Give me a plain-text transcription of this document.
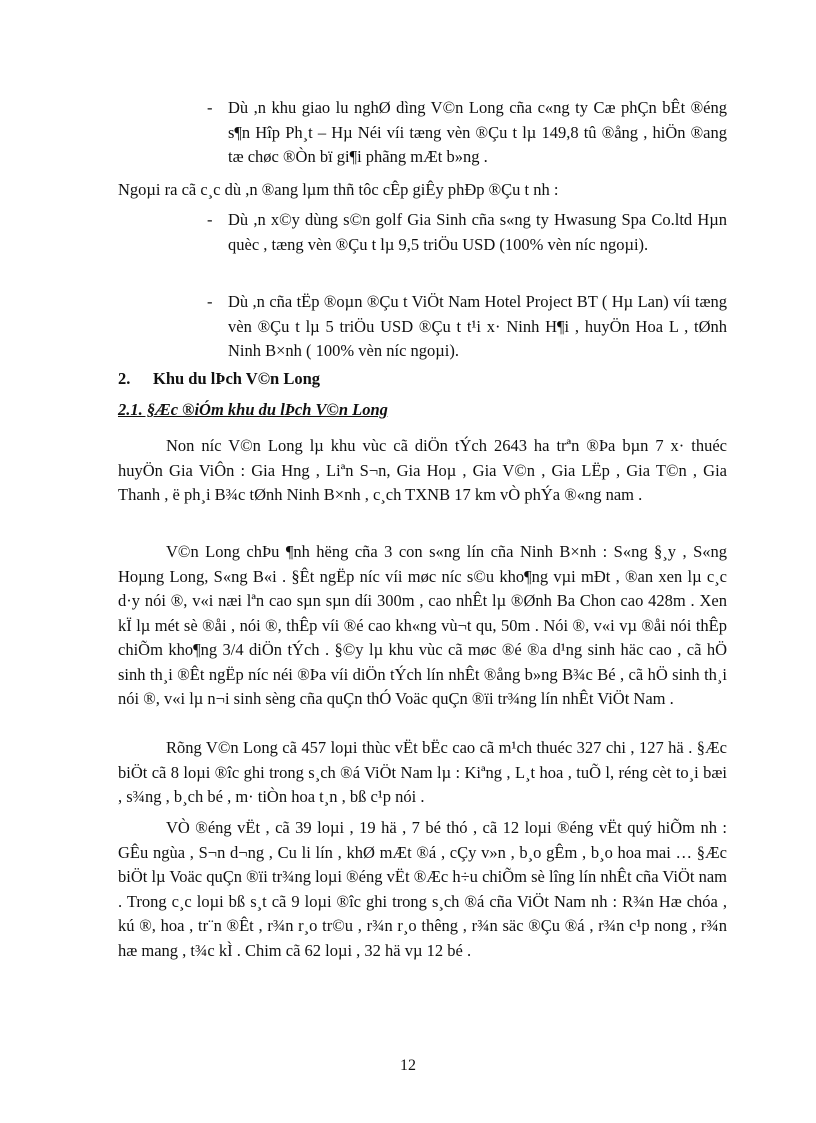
- Dù ,n khu giao lu nghØ dìng V©n Long cña c«ng ty Cæ phÇn bÊt ®éng s¶n Hîp Ph¸t – Hµ Néi víi tæng vèn ®Çu t lµ 149,8 tû ®ång , hiÖn ®ang tæ chøc ®Òn bï gi¶i phãng mÆt b»ng .
Ngoµi ra cã c¸c dù ,n ®ang lµm thñ tôc cÊp giÊy phÐp ®Çu t nh :
- Dù ,n x©y dùng s©n golf Gia Sinh cña s«ng ty Hwasung Spa Co.ltd Hµn quèc , tæng vèn ®Çu t lµ 9,5 triÖu USD (100% vèn níc ngoµi).
- Dù ,n cña tËp ®oµn ®Çu t ViÖt Nam Hotel Project BT ( Hµ Lan) víi tæng vèn ®Çu t lµ 5 triÖu USD ®Çu t t¹i x· Ninh H¶i , huyÖn Hoa L , tØnh Ninh B×nh ( 100% vèn níc ngoµi).
2. Khu du lÞch V©n Long
2.1. §Æc ®iÓm khu du lÞch V©n Long
Non níc V©n Long lµ khu vùc cã diÖn tÝch 2643 ha trªn ®Þa bµn 7 x· thuéc huyÖn Gia ViÔn : Gia Hng , Liªn S¬n, Gia Hoµ , Gia V©n , Gia LËp , Gia T©n , Gia Thanh , ë ph¸i B¾c tØnh Ninh B×nh , c¸ch TXNB 17 km vÒ phÝa ®«ng nam .
V©n Long chÞu ¶nh hëng cña 3 con s«ng lín cña Ninh B×nh : S«ng §¸y , S«ng Hoµng Long, S«ng B«i . §Êt ngËp níc víi møc níc s©u kho¶ng vµi mÐt , ®an xen lµ c¸c d·y nói ®, v«i næi lªn cao sµn sµn díi 300m , cao nhÊt lµ ®Ønh Ba Chon cao 428m . Xen kÏ lµ mét sè ®åi , nói ®, thÊp víi ®é cao kh«ng vù¬t qu, 50m . Nói ®, v«i vµ ®åi nói thÊp chiÕm kho¶ng 3/4 diÖn tÝch . §©y lµ khu vùc cã møc ®é ®a d¹ng sinh häc cao , cã hÖ sinh th¸i ®Êt ngËp níc néi ®Þa víi diÖn tÝch lín nhÊt ®ång b»ng B¾c Bé , cã hÖ sinh th¸i nói ®, v«i lµ n¬i sinh sèng cña quÇn thÓ Voäc quÇn ®ïi tr¾ng lín nhÊt ViÖt Nam .
Rõng V©n Long cã 457 loµi thùc vËt bËc cao cã m¹ch thuéc 327 chi , 127 hä . §Æc biÖt cã 8 loµi ®îc ghi trong s¸ch ®á ViÖt Nam lµ : Kiªng , L¸t hoa , tuÕ l, réng cèt to¸i bæi , s¾ng , b¸ch bé , m· tiÒn hoa t¸n , bß c¹p nói .
VÒ ®éng vËt , cã 39 loµi , 19 hä , 7 bé thó , cã 12 loµi ®éng vËt quý hiÕm nh : GÊu ngùa , S¬n d¬ng , Cu li lín , khØ mÆt ®á , cÇy v»n , b¸o gÊm , b¸o hoa mai … §Æc biÖt lµ Voäc quÇn ®ïi tr¾ng loµi ®éng vËt ®Æc h÷u chiÕm sè lîng lín nhÊt cña ViÖt nam . Trong c¸c loµi bß s¸t cã 9 loµi ®îc ghi trong s¸ch ®á cña ViÖt Nam nh : R¾n Hæ chóa , kú ®, hoa , tr¨n ®Êt , r¾n r¸o tr©u , r¾n r¸o thêng , r¾n säc ®Çu ®á , r¾n c¹p nong , r¾n hæ mang , t¾c kÌ . Chim cã 62 loµi , 32 hä vµ 12 bé .
12
